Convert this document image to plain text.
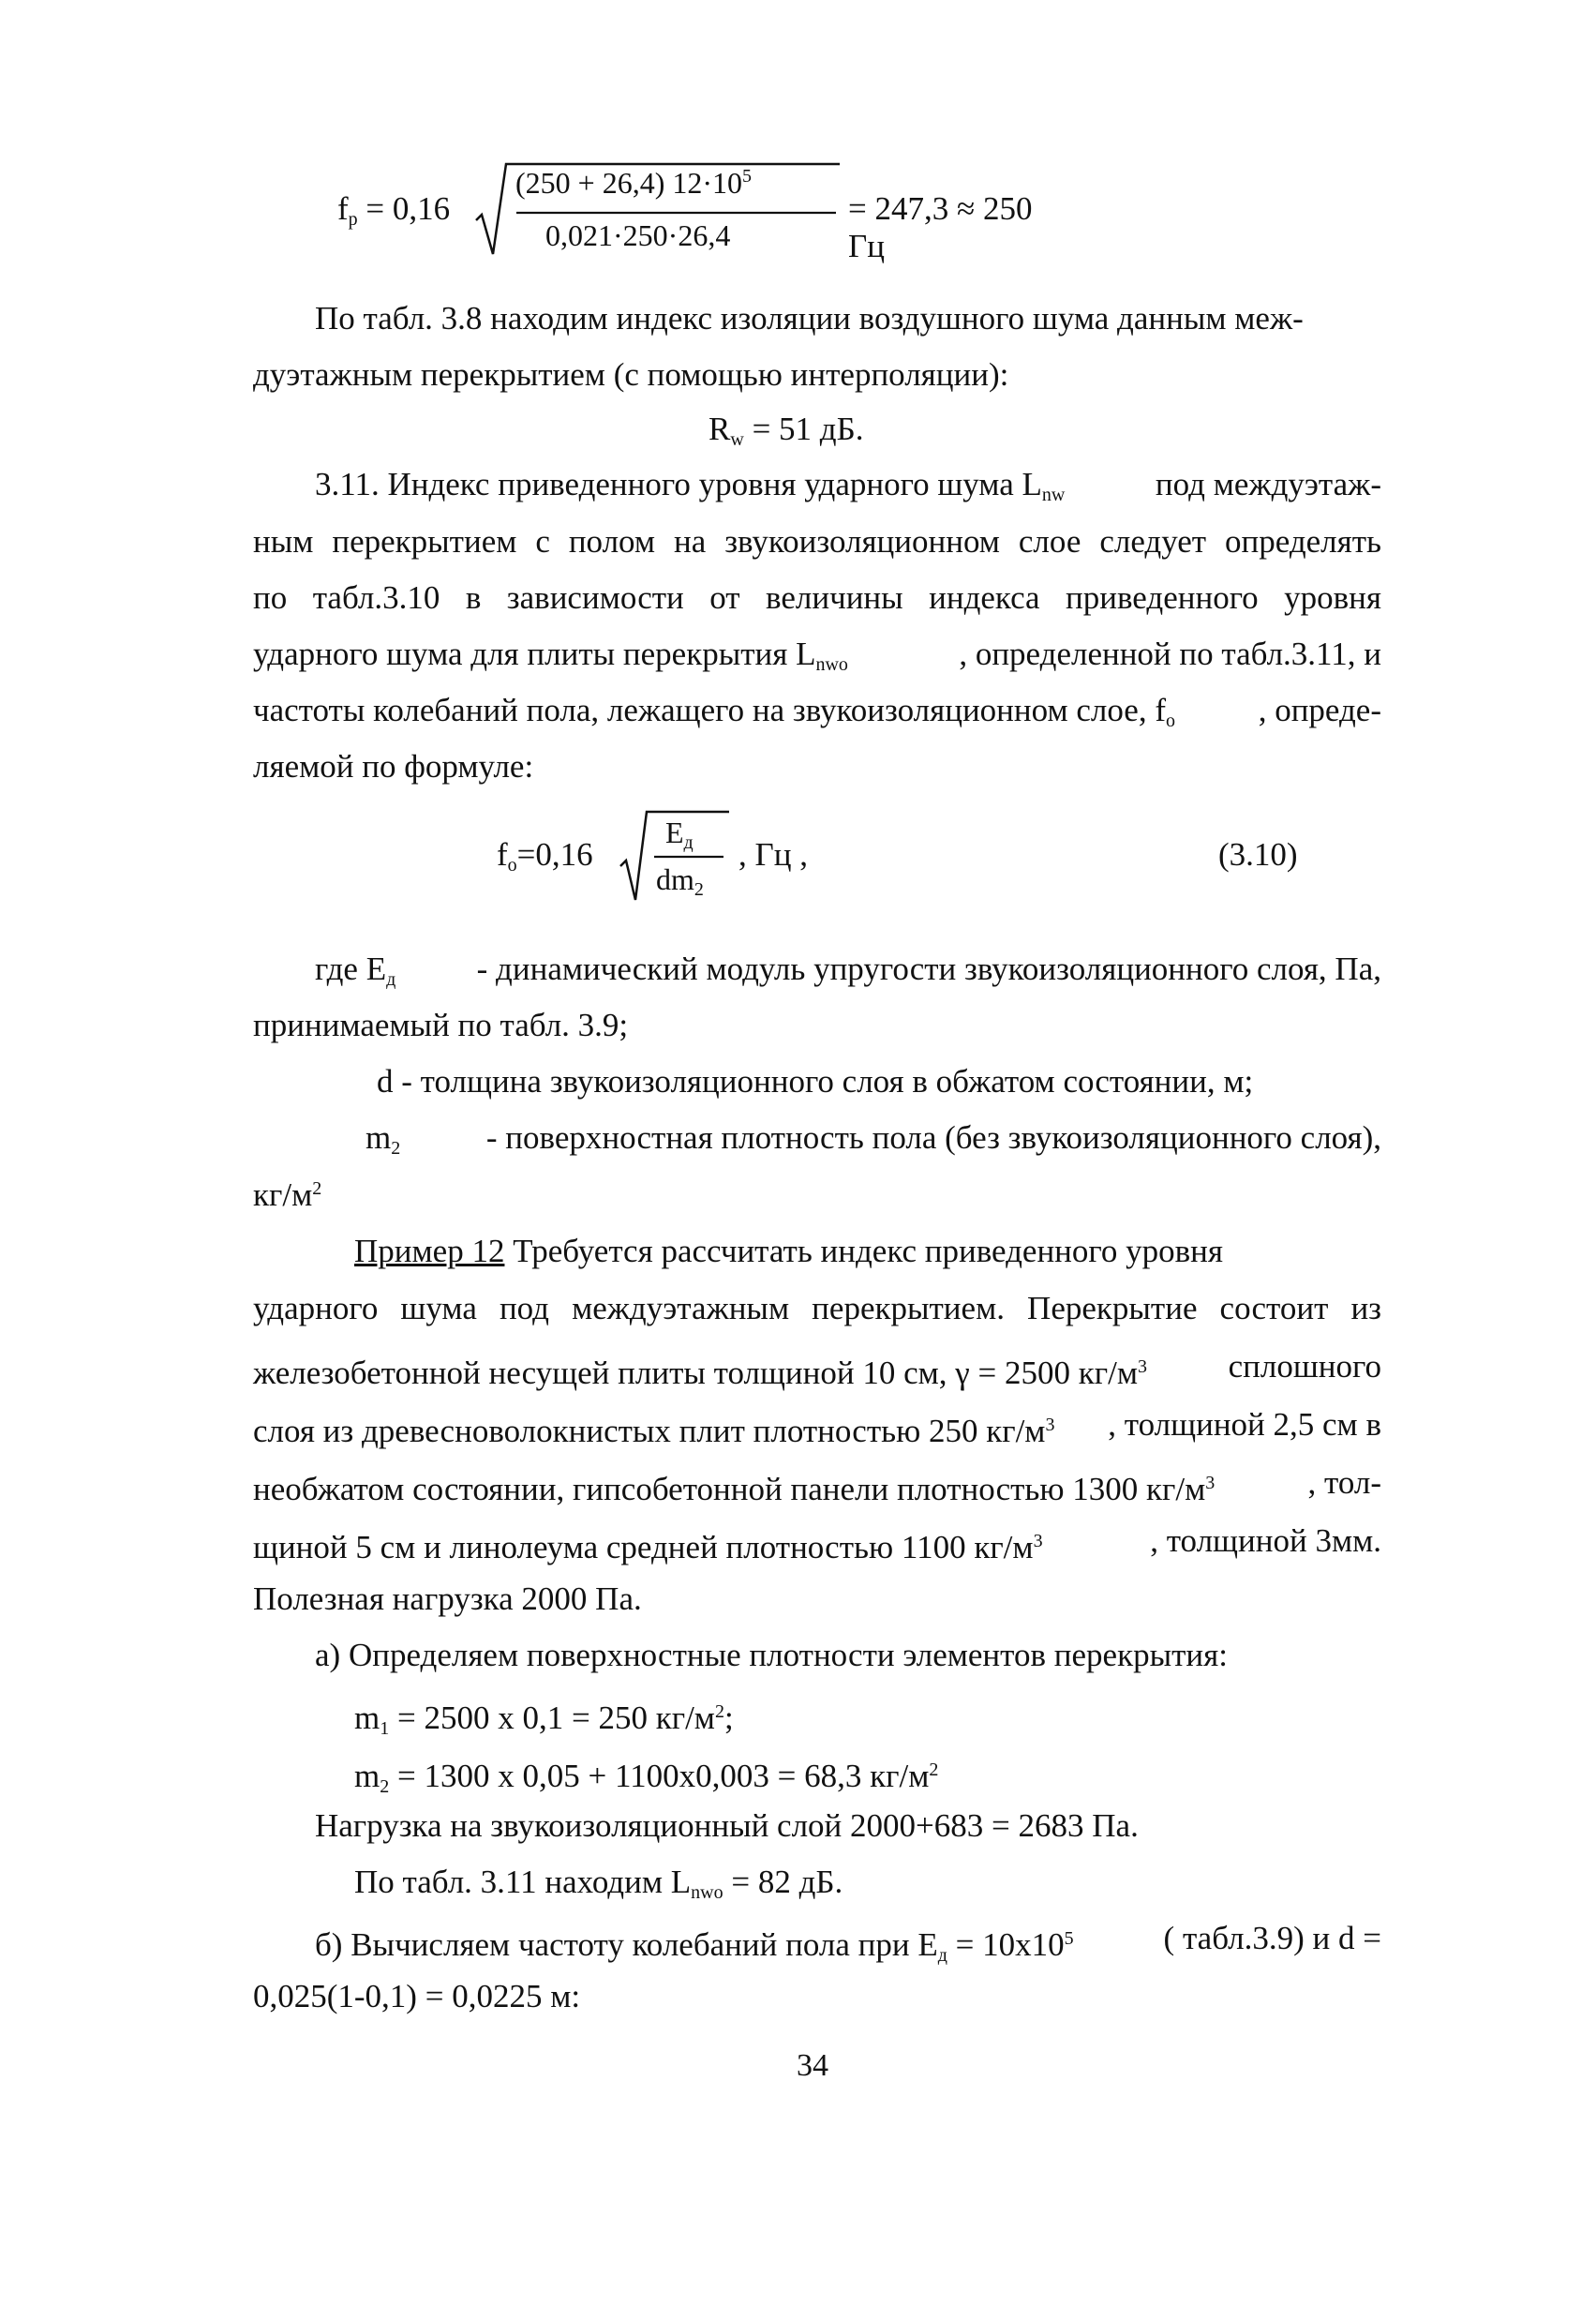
$f_p = 0,16$
(250 + 26,4) $12\cdot 10^5$
0,021·250·26,4
= 247,3 ≈ 250 Гц
По табл. 3.8 находим индекс изоляции воздушного шума данным меж-
дуэтажным перекрытием (с помощью интерполяции):
$R_w = 51$ дБ.
3.11. Индекс приведенного уровня ударного шума $L_{nw}$	под междуэтаж-
ным перекрытием с полом на звукоизоляционном слое следует определять
по табл.3.10 в зависимости от величины индекса приведенного уровня
ударного шума для плиты перекрытия $L_{nwo}$	, определенной по табл.3.11, и
частоты колебаний пола, лежащего на звукоизоляционном слое, $f_o$	, опреде-
ляемой по формуле:
$f_o=0,16$
$E_д$
$dm_2$
, Гц ,	(3.10)
где $E_д$ - динамический модуль упругости звукоизоляционного слоя, Па,
принимаемый по табл. 3.9;
d - толщина звукоизоляционного слоя в обжатом состоянии, м;
$m_2$	- поверхностная плотность пола (без звукоизоляционного слоя),
$кг/м^2$
Пример 12 Требуется рассчитать индекс приведенного уровня
ударного шума под междуэтажным перекрытием. Перекрытие состоит из
железобетонной несущей плиты толщиной 10 см, γ = 2500 $кг/м^3$ сплошного
слоя из древесноволокнистых плит плотностью 250 $кг/м^3$ , толщиной 2,5 см в
необжатом состоянии, гипсобетонной панели плотностью 1300 $кг/м^3$	, тол-
щиной 5 см и линолеума средней плотностью 1100 $кг/м^3$	, толщиной 3мм.
Полезная нагрузка 2000 Па.
а) Определяем поверхностные плотности элементов перекрытия:
$m_1 = 2500$ х 0,1 = 250 $кг/м^2$;
$m_2 = 1300$ х 0,05 + 1100х0,003 = 68,3 $кг/м^2$
Нагрузка на звукоизоляционный слой 2000+683 = 2683 Па.
По табл. 3.11 находим $L_{nwo} = 82$ дБ.
б) Вычисляем частоту колебаний пола при $E_д = 10х10^5$	( табл.3.9) и d =
0,025(1-0,1) = 0,0225 м:
34
